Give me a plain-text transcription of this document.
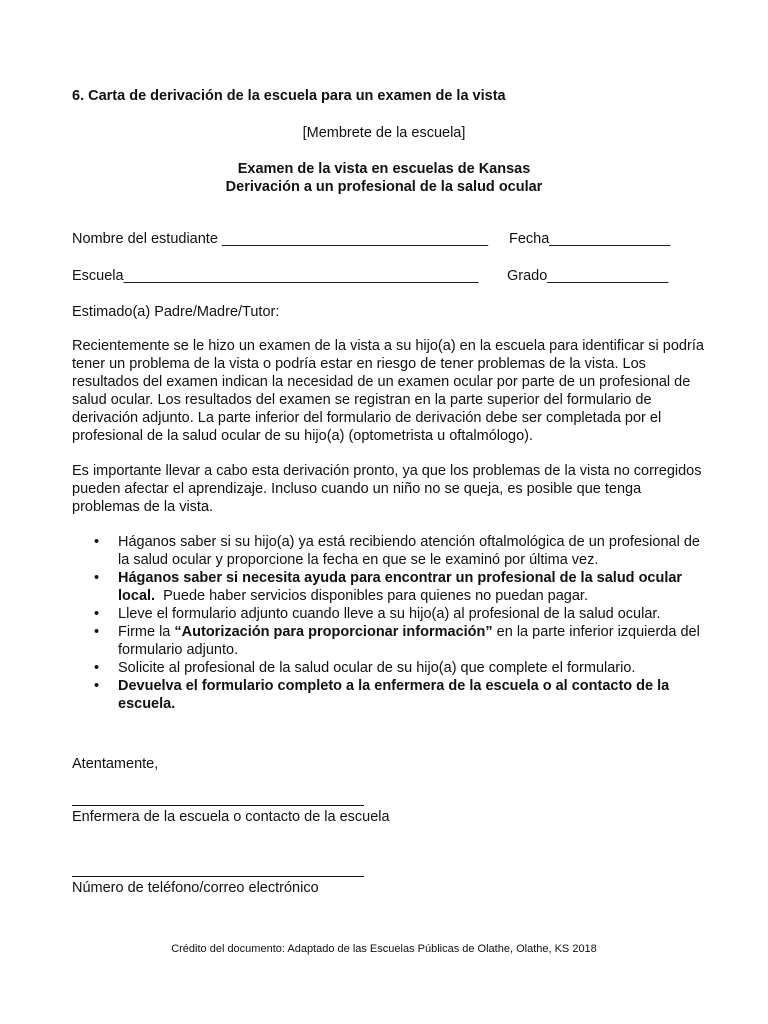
6. Carta de derivación de la escuela para un examen de la vista
[Membrete de la escuela]
Examen de la vista en escuelas de Kansas
Derivación a un profesional de la salud ocular
Nombre del estudiante _________________________________ Fecha_______________
Escuela____________________________________________ Grado_______________
Estimado(a) Padre/Madre/Tutor:

Recientemente se le hizo un examen de la vista a su hijo(a) en la escuela para identificar si podría tener un problema de la vista o podría estar en riesgo de tener problemas de la vista. Los resultados del examen indican la necesidad de un examen ocular por parte de un profesional de salud ocular. Los resultados del examen se registran en la parte superior del formulario de derivación adjunto. La parte inferior del formulario de derivación debe ser completada por el profesional de la salud ocular de su hijo(a) (optometrista u oftalmólogo).

Es importante llevar a cabo esta derivación pronto, ya que los problemas de la vista no corregidos pueden afectar el aprendizaje. Incluso cuando un niño no se queja, es posible que tenga problemas de la vista.

• Háganos saber si su hijo(a) ya está recibiendo atención oftalmológica de un profesional de la salud ocular y proporcione la fecha en que se le examinó por última vez.
• Háganos saber si necesita ayuda para encontrar un profesional de la salud ocular local. Puede haber servicios disponibles para quienes no puedan pagar.
• Lleve el formulario adjunto cuando lleve a su hijo(a) al profesional de la salud ocular.
• Firme la “Autorización para proporcionar información” en la parte inferior izquierda del formulario adjunto.
• Solicite al profesional de la salud ocular de su hijo(a) que complete el formulario.
• Devuelva el formulario completo a la enfermera de la escuela o al contacto de la escuela.
Atentamente,
Enfermera de la escuela o contacto de la escuela
Número de teléfono/correo electrónico
Crédito del documento: Adaptado de las Escuelas Públicas de Olathe, Olathe, KS 2018
